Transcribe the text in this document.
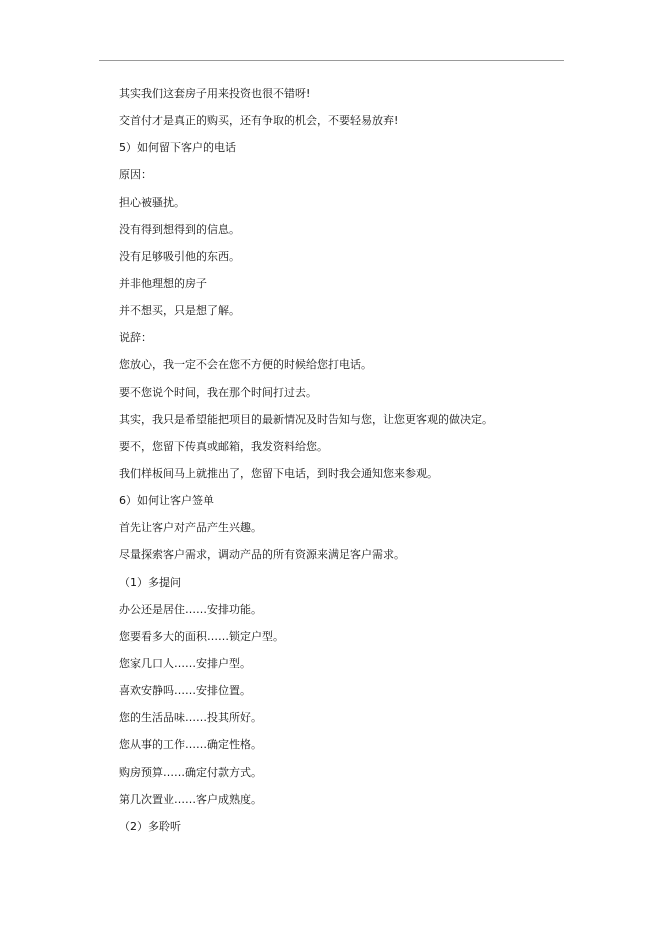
其实我们这套房子用来投资也很不错呀!
交首付才是真正的购买，还有争取的机会，不要轻易放弃!
5）如何留下客户的电话
原因：
担心被骚扰。
没有得到想得到的信息。
没有足够吸引他的东西。
并非他理想的房子
并不想买，只是想了解。
说辞：
您放心，我一定不会在您不方便的时候给您打电话。
要不您说个时间，我在那个时间打过去。
其实，我只是希望能把项目的最新情况及时告知与您，让您更客观的做决定。
要不，您留下传真或邮箱，我发资料给您。
我们样板间马上就推出了，您留下电话，到时我会通知您来参观。
6）如何让客户签单
首先让客户对产品产生兴趣。
尽量探索客户需求，调动产品的所有资源来满足客户需求。
（1）多提问
办公还是居住……安排功能。
您要看多大的面积……锁定户型。
您家几口人……安排户型。
喜欢安静吗……安排位置。
您的生活品味……投其所好。
您从事的工作……确定性格。
购房预算……确定付款方式。
第几次置业……客户成熟度。
（2）多聆听
